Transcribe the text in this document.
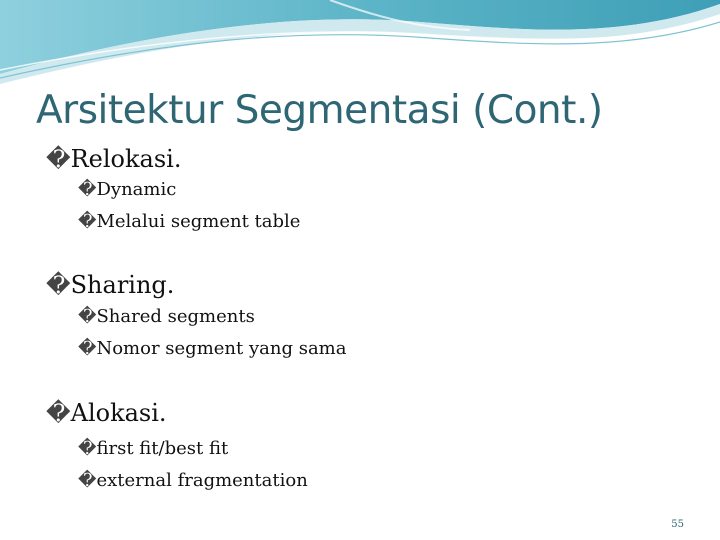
Arsitektur Segmentasi (Cont.)
�Relokasi.
�Dynamic
�Melalui segment table
�Sharing.
�Shared segments
�Nomor segment yang sama
�Alokasi.
�first fit/best fit
�external fragmentation
55
